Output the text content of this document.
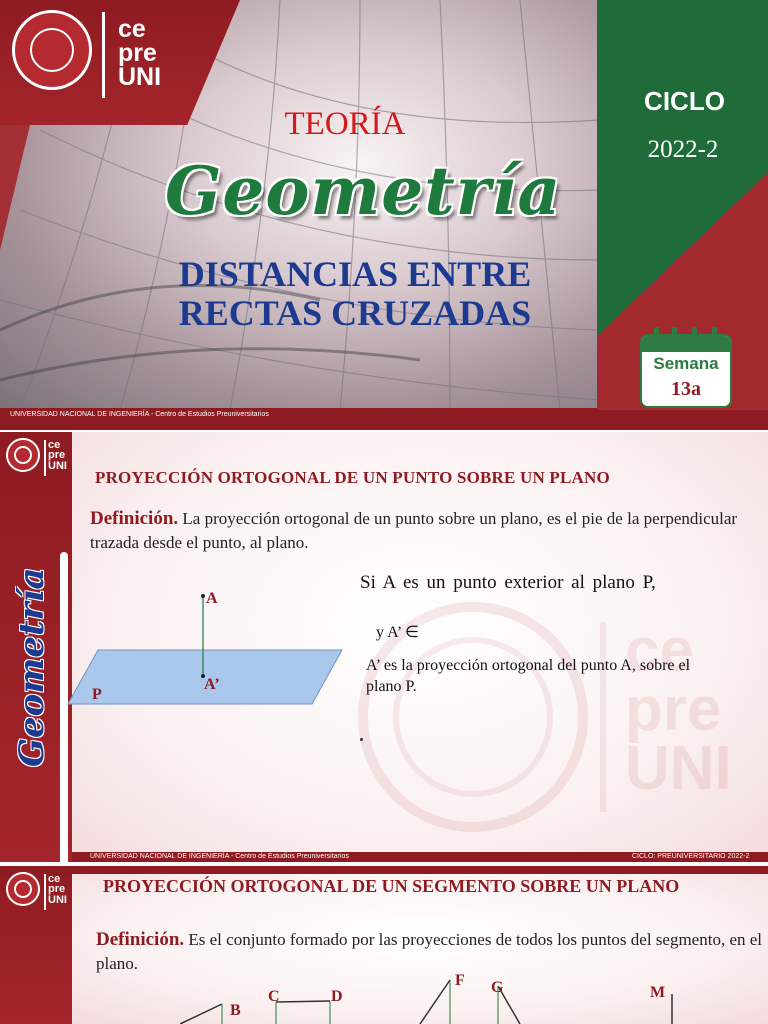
ce
pre
UNI
CICLO
2022-2
TEORÍA
Geometría
DISTANCIAS ENTRE
RECTAS CRUZADAS
Semana
13a
UNIVERSIDAD NACIONAL DE INGENIERÍA - Centro de Estudios Preuniversitarios
ce
pre
UNI
ce
pre
UNI
Geometría
PROYECCIÓN ORTOGONAL DE UN PUNTO SOBRE UN PLANO
Definición. La proyección ortogonal de un punto sobre un plano, es el pie de la perpendicular trazada desde el punto, al plano.
A
A’
P
Si A es un punto exterior al plano P,
y A’ ∈
A’ es la proyección ortogonal del punto A, sobre el plano P.
UNIVERSIDAD NACIONAL DE INGENIERÍA - Centro de Estudios Preuniversitarios	CICLO: PREUNIVERSITARIO 2022-2
ce
pre
UNI
PROYECCIÓN ORTOGONAL DE UN SEGMENTO SOBRE UN PLANO
Definición. Es el conjunto formado por las proyecciones de todos los puntos del segmento, en el plano.
B
C	D
F G	M
